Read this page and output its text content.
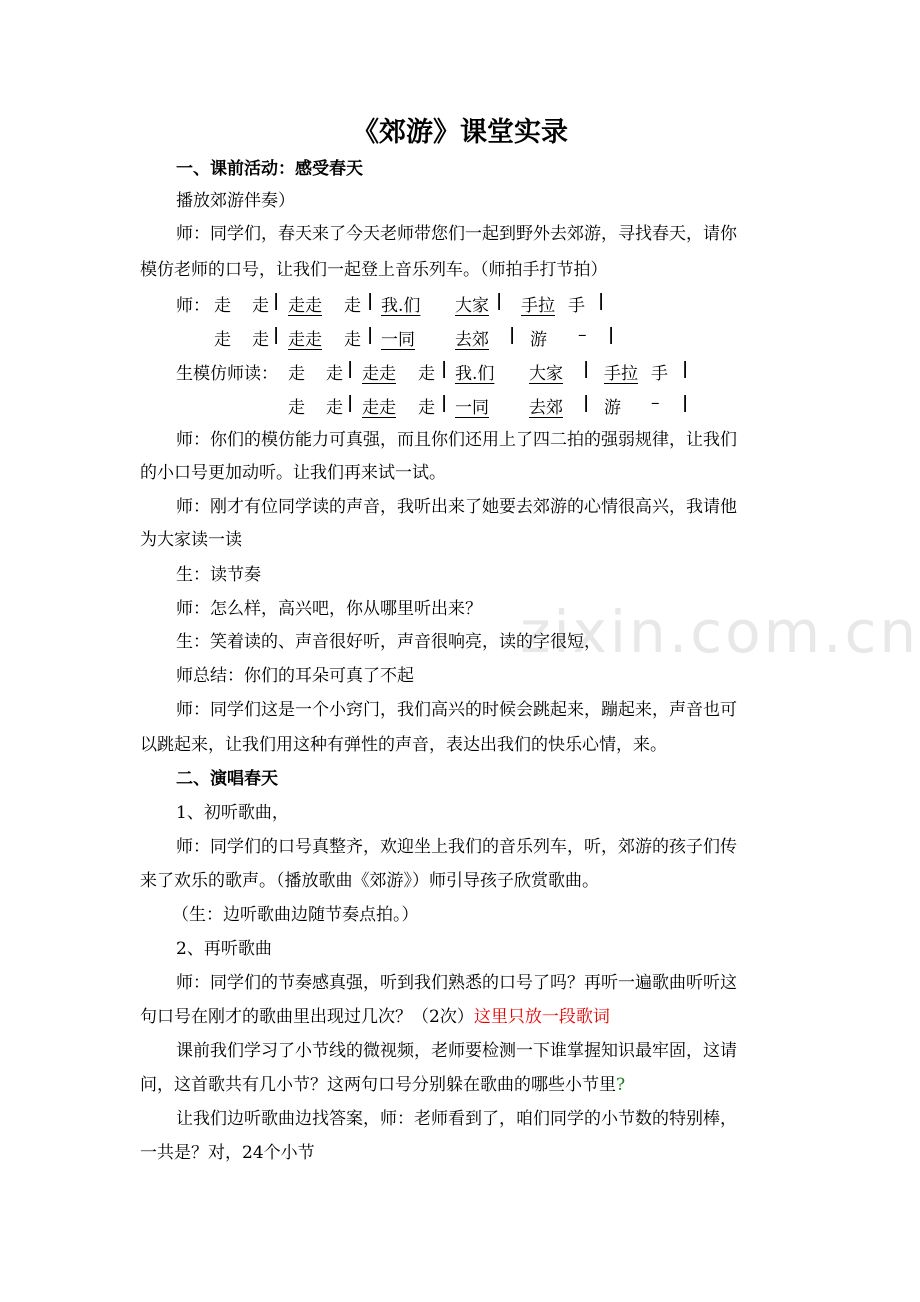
zixin.com.cn
《郊游》课堂实录
一、课前活动：感受春天
播放郊游伴奏）
师：同学们，春天来了今天老师带您们一起到野外去郊游，寻找春天，请你
模仿老师的口号，让我们一起登上音乐列车。（师拍手打节拍）
师： 走 走 | 走走 走 | 我.们 大家 | 手拉 手 |
走 走 | 走走 走 | 一同 去郊 | 游 – |
生模仿师读： 走 走 | 走走 走 | 我.们 大家 | 手拉 手 |
走 走 | 走走 走 | 一同 去郊 | 游 – |
师：你们的模仿能力可真强，而且你们还用上了四二拍的强弱规律，让我们
的小口号更加动听。让我们再来试一试。
师：刚才有位同学读的声音，我听出来了她要去郊游的心情很高兴，我请他
为大家读一读
生：读节奏
师：怎么样，高兴吧，你从哪里听出来？
生：笑着读的、声音很好听，声音很响亮，读的字很短，
师总结：你们的耳朵可真了不起
师：同学们这是一个小窍门，我们高兴的时候会跳起来，蹦起来，声音也可
以跳起来，让我们用这种有弹性的声音，表达出我们的快乐心情，来。
二、演唱春天
1、初听歌曲，
师：同学们的口号真整齐，欢迎坐上我们的音乐列车，听，郊游的孩子们传
来了欢乐的歌声。（播放歌曲《郊游》）师引导孩子欣赏歌曲。
（生：边听歌曲边随节奏点拍。）
2、再听歌曲
师：同学们的节奏感真强，听到我们熟悉的口号了吗？再听一遍歌曲听听这
句口号在刚才的歌曲里出现过几次？（2次）这里只放一段歌词
课前我们学习了小节线的微视频，老师要检测一下谁掌握知识最牢固，这请
问，这首歌共有几小节？这两句口号分别躲在歌曲的哪些小节里?
让我们边听歌曲边找答案，师：老师看到了，咱们同学的小节数的特别棒，
一共是？对，24个小节
